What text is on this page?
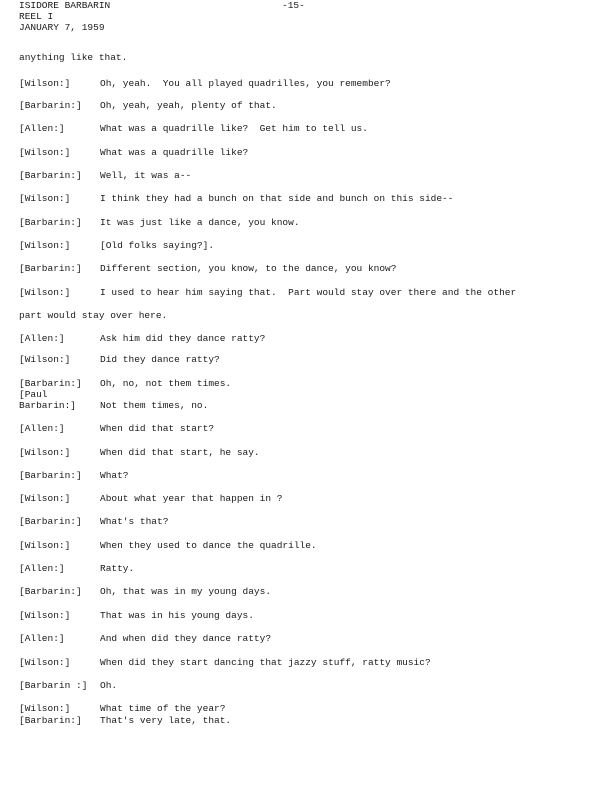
ISIDORE BARBARIN
REEL I
JANUARY 7, 1959
-15-
anything like that.
[Wilson:]	Oh, yeah.  You all played quadrilles, you remember?
[Barbarin:] Oh, yeah, yeah, plenty of that.
[Allen:]	What was a quadrille like?  Get him to tell us.
[Wilson:]	What was a quadrille like?
[Barbarin:] Well, it was a--
[Wilson:]	I think they had a bunch on that side and bunch on this side--
[Barbarin:] It was just like a dance, you know.
[Wilson:]	[Old folks saying?].
[Barbarin:] Different section, you know, to the dance, you know?
[Wilson:]	I used to hear him saying that.  Part would stay over there and the other
part would stay over here.
[Allen:]	Ask him did they dance ratty?
[Wilson:]	Did they dance ratty?
[Barbarin:] Oh, no, not them times.
[Paul
Barbarin:]	Not them times, no.
[Allen:]	When did that start?
[Wilson:]	When did that start, he say.
[Barbarin:] What?
[Wilson:]	About what year that happen in ?
[Barbarin:] What's that?
[Wilson:]	When they used to dance the quadrille.
[Allen:]	Ratty.
[Barbarin:] Oh, that was in my young days.
[Wilson:]	That was in his young days.
[Allen:]	And when did they dance ratty?
[Wilson:]	When did they start dancing that jazzy stuff, ratty music?
[Barbarin :] Oh.
[Wilson:]	What time of the year?
[Barbarin:] That's very late, that.
